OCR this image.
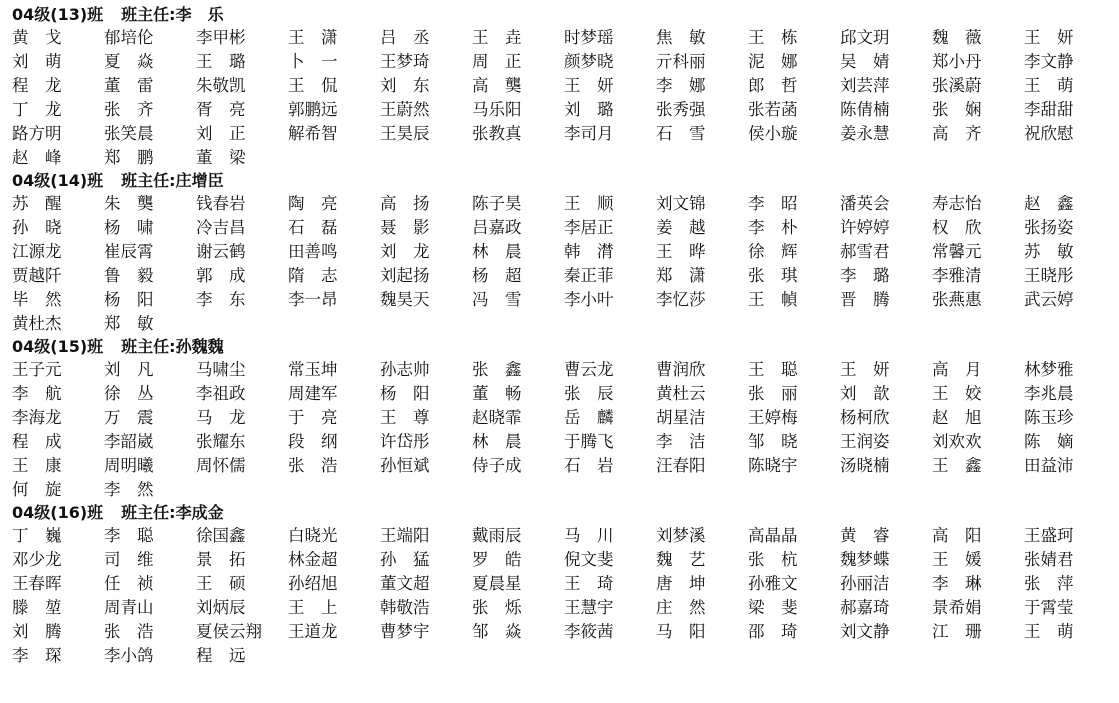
04级(13)班 班主任:李　乐
黄　戈	郁培伦	李甲彬	王　潇	吕　丞	王　垚	时梦瑶	焦　敏	王　栋	邱文玥	魏　薇	王　妍
刘　萌	夏　焱	王　璐	卜　一	王梦琦	周　正	颜梦晓	亓科丽	泥　娜	吴　婧	郑小丹	李文静
程　龙	董　雷	朱敬凯	王　侃	刘　东	高　龑	王　妍	李　娜	郎　哲	刘芸萍	张溪蔚	王　萌
丁　龙	张　齐	胥　亮	郭鹏远	王蔚然	马乐阳	刘　璐	张秀强	张若菡	陈倩楠	张　娴	李甜甜
路方明	张笑晨	刘　正	解希智	王昊辰	张教真	李司月	石　雪	侯小璇	姜永慧	高　齐	祝欣慰
赵　峰	郑　鹏	董　梁
04级(14)班 班主任:庄增臣
苏　醒	朱　龑	钱春岩	陶　亮	高　扬	陈子昊	王　顺	刘文锦	李　昭	潘英会	寿志怡	赵　鑫
孙　晓	杨　啸	冷吉昌	石　磊	聂　影	吕嘉政	李居正	姜　越	李　朴	许婷婷	权　欣	张扬姿
江源龙	崔辰霄	谢云鹤	田善鸣	刘　龙	林　晨	韩　潸	王　晔	徐　辉	郝雪君	常馨元	苏　敏
贾越阡	鲁　毅	郭　成	隋　志	刘起扬	杨　超	秦正菲	郑　潇	张　琪	李　璐	李雅清	王晓彤
毕　然	杨　阳	李　东	李一昂	魏昊天	冯　雪	李小叶	李忆莎	王　幀	晋　腾	张燕惠	武云婷
黄杜杰	郑　敏
04级(15)班 班主任:孙魏魏
王子元	刘　凡	马啸尘	常玉坤	孙志帅	张　鑫	曹云龙	曹润欣	王　聪	王　妍	高　月	林梦雅
李　航	徐　丛	李祖政	周建军	杨　阳	董　畅	张　辰	黄杜云	张　丽	刘　歆	王　姣	李兆晨
李海龙	万　震	马　龙	于　亮	王　尊	赵晓霏	岳　麟	胡星洁	王婷梅	杨柯欣	赵　旭	陈玉珍
程　成	李韶崴	张耀东	段　纲	许岱彤	林　晨	于腾飞	李　洁	邹　晓	王润姿	刘欢欢	陈　嫡
王　康	周明曦	周怀儒	张　浩	孙恒斌	侍子成	石　岩	汪春阳	陈晓宇	汤晓楠	王　鑫	田益沛
何　旋	李　然
04级(16)班 班主任:李成金
丁　巍	李　聪	徐国鑫	白晓光	王端阳	戴雨辰	马　川	刘梦溪	高晶晶	黄　睿	高　阳	王盛珂
邓少龙	司　维	景　拓	林金超	孙　猛	罗　皓	倪文斐	魏　艺	张　杭	魏梦蝶	王　媛	张婧君
王春晖	任　祯	王　硕	孙绍旭	董文超	夏晨星	王　琦	唐　坤	孙雅文	孙丽洁	李　琳	张　萍
滕　堃	周青山	刘炳辰	王　上	韩敬浩	张　烁	王慧宇	庄　然	梁　斐	郝嘉琦	景希娟	于霄莹
刘　腾	张　浩	夏侯云翔	王道龙	曹梦宇	邹　焱	李筱茜	马　阳	邵　琦	刘文静	江　珊	王　萌
李　琛	李小鸽	程　远
